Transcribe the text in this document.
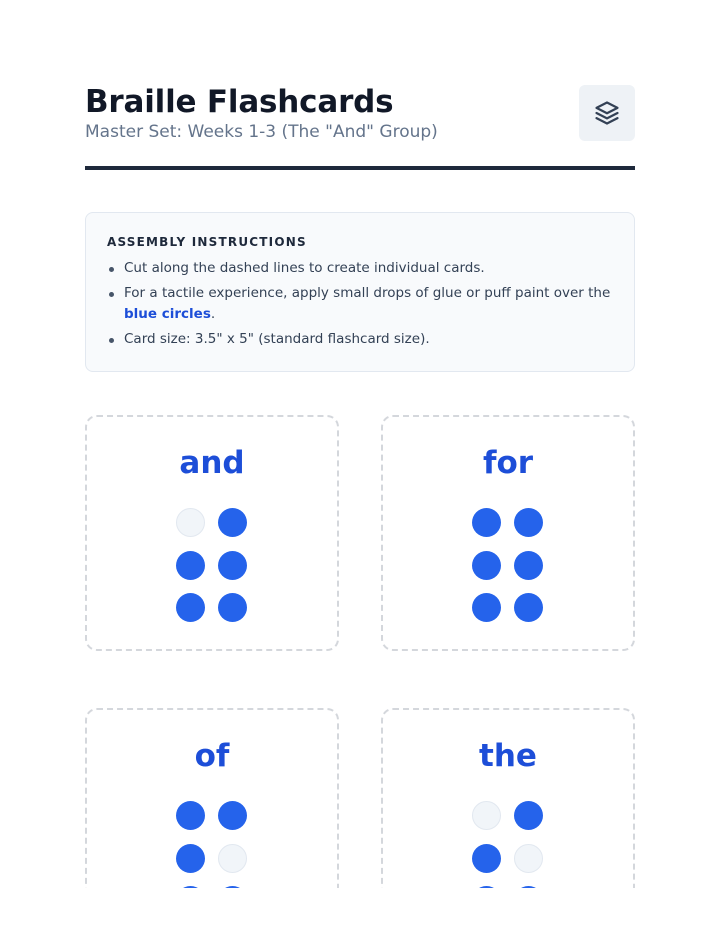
Braille Flashcards
Master Set: Weeks 1-3 (The "And" Group)
ASSEMBLY INSTRUCTIONS
Cut along the dashed lines to create individual cards.
For a tactile experience, apply small drops of glue or puff paint over the blue circles.
Card size: 3.5" x 5" (standard flashcard size).
and	for
of	the
